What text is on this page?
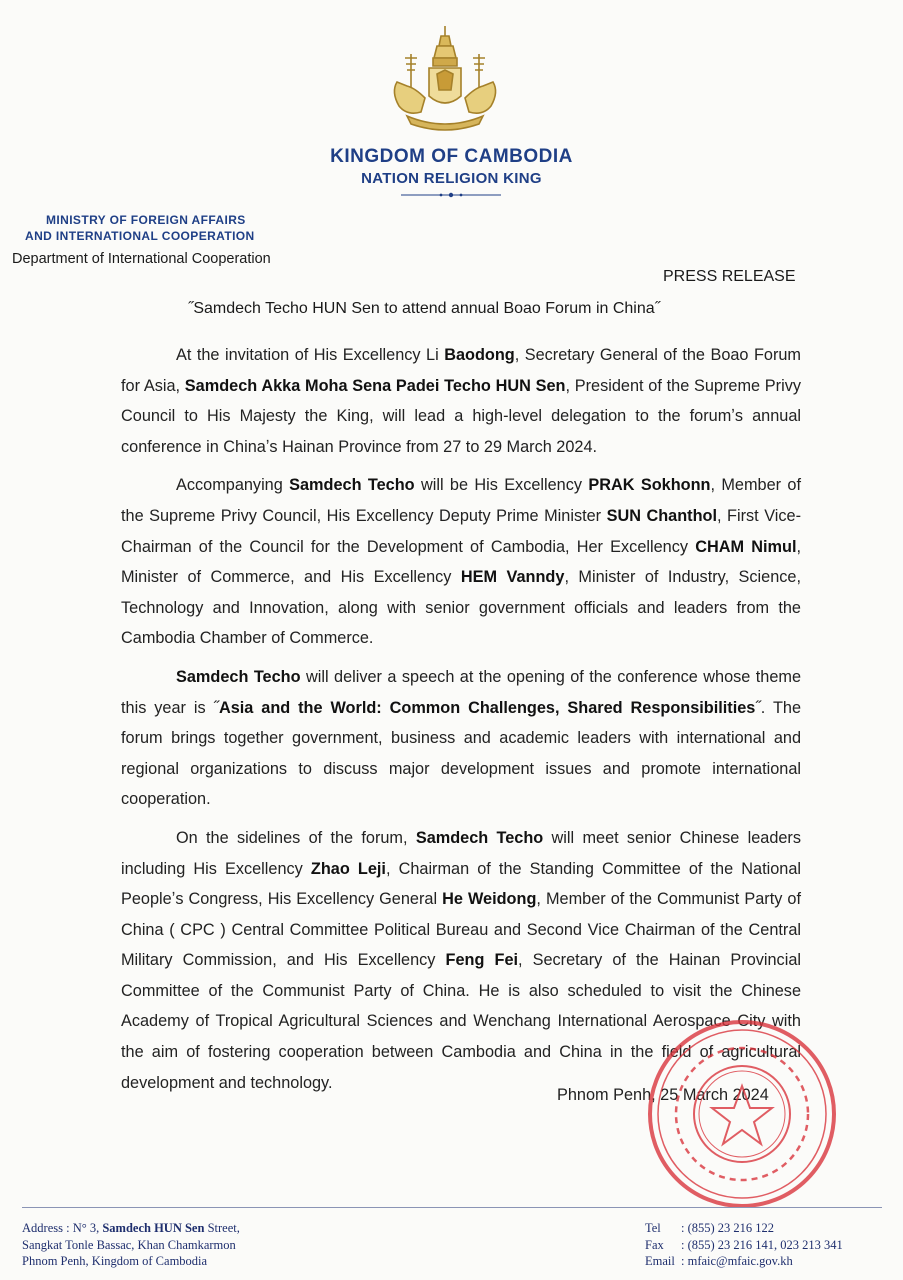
KINGDOM OF CAMBODIA
NATION RELIGION KING
MINISTRY OF FOREIGN AFFAIRS
AND INTERNATIONAL COOPERATION
Department of International Cooperation
PRESS RELEASE
˝Samdech Techo HUN Sen to attend annual Boao Forum in China˝

At the invitation of His Excellency Li Baodong, Secretary General of the Boao Forum for Asia, Samdech Akka Moha Sena Padei Techo HUN Sen, President of the Supreme Privy Council to His Majesty the King, will lead a high-level delegation to the forumʼs annual conference in Chinaʼs Hainan Province from 27 to 29 March 2024.

Accompanying Samdech Techo will be His Excellency PRAK Sokhonn, Member of the Supreme Privy Council, His Excellency Deputy Prime Minister SUN Chanthol, First Vice-Chairman of the Council for the Development of Cambodia, Her Excellency CHAM Nimul, Minister of Commerce, and His Excellency HEM Vanndy, Minister of Industry, Science, Technology and Innovation, along with senior government officials and leaders from the Cambodia Chamber of Commerce.

Samdech Techo will deliver a speech at the opening of the conference whose theme this year is ˝Asia and the World: Common Challenges, Shared Responsibilities˝. The forum brings together government, business and academic leaders with international and regional organizations to discuss major development issues and promote international cooperation.

On the sidelines of the forum, Samdech Techo will meet senior Chinese leaders including His Excellency Zhao Leji, Chairman of the Standing Committee of the National Peopleʼs Congress, His Excellency General He Weidong, Member of the Communist Party of China ( CPC ) Central Committee Political Bureau and Second Vice Chairman of the Central Military Commission, and His Excellency Feng Fei, Secretary of the Hainan Provincial Committee of the Communist Party of China. He is also scheduled to visit the Chinese Academy of Tropical Agricultural Sciences and Wenchang International Aerospace City with the aim of fostering cooperation between Cambodia and China in the field of agricultural development and technology.

Phnom Penh, 25 March 2024
Address : N° 3, Samdech HUN Sen Street,
Sangkat Tonle Bassac, Khan Chamkarmon
Phnom Penh, Kingdom of Cambodia
Tel : (855) 23 216 122
Fax : (855) 23 216 141, 023 213 341
Email : mfaic@mfaic.gov.kh
